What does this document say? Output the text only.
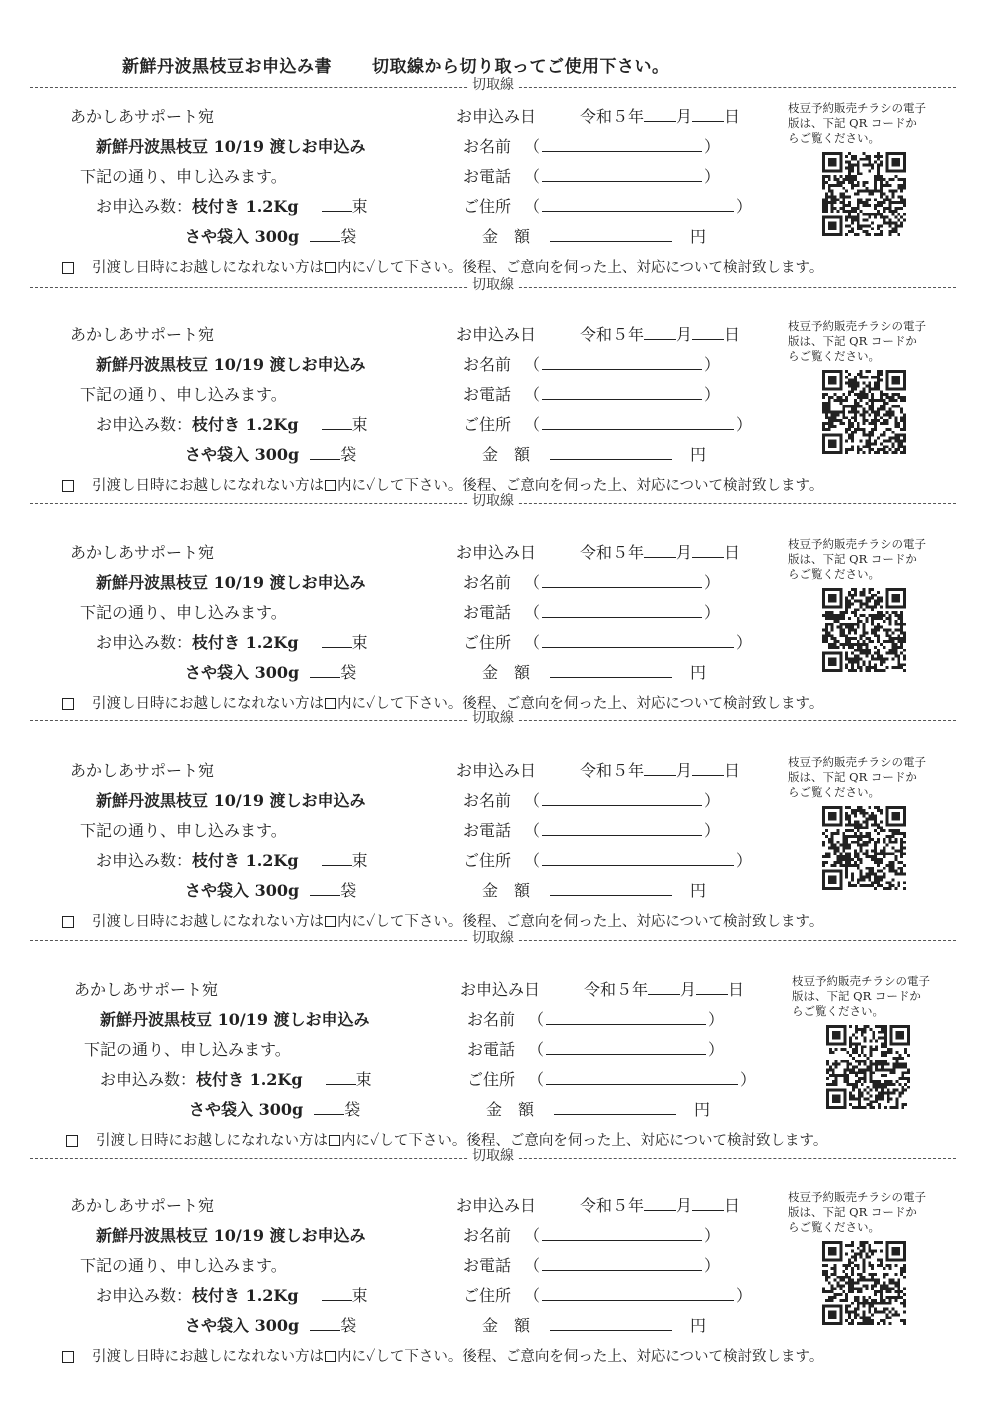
新鮮丹波黒枝豆お申込み書 切取線から切り取ってご使用下さい。
切取線
切取線
切取線
切取線
切取線
切取線
あかしあサポート宛
新鮮丹波黒枝豆 10/19 渡しお申込み
下記の通り、申し込みます。
お申込み数：枝付き 1.2Kg	束
さや袋入 300g	袋
お申込み日	令和５年 月 日
お名前 （	）
お電話 （	）
ご住所 （	）
金　額	円
枝豆予約販売チラシの電子版は、下記 QR コードからご覧ください。
引渡し日時にお越しになれない方は 内に✓して下さい。後程、ご意向を伺った上、対応について検討致します。
あかしあサポート宛
新鮮丹波黒枝豆 10/19 渡しお申込み
下記の通り、申し込みます。
お申込み数：枝付き 1.2Kg	束
さや袋入 300g	袋
お申込み日	令和５年 月 日
お名前 （	）
お電話 （	）
ご住所 （	）
金　額	円
枝豆予約販売チラシの電子版は、下記 QR コードからご覧ください。
引渡し日時にお越しになれない方は 内に✓して下さい。後程、ご意向を伺った上、対応について検討致します。
あかしあサポート宛
新鮮丹波黒枝豆 10/19 渡しお申込み
下記の通り、申し込みます。
お申込み数：枝付き 1.2Kg	束
さや袋入 300g	袋
お申込み日	令和５年 月 日
お名前 （	）
お電話 （	）
ご住所 （	）
金　額	円
枝豆予約販売チラシの電子版は、下記 QR コードからご覧ください。
引渡し日時にお越しになれない方は 内に✓して下さい。後程、ご意向を伺った上、対応について検討致します。
あかしあサポート宛
新鮮丹波黒枝豆 10/19 渡しお申込み
下記の通り、申し込みます。
お申込み数：枝付き 1.2Kg	束
さや袋入 300g	袋
お申込み日	令和５年 月 日
お名前 （	）
お電話 （	）
ご住所 （	）
金　額	円
枝豆予約販売チラシの電子版は、下記 QR コードからご覧ください。
引渡し日時にお越しになれない方は 内に✓して下さい。後程、ご意向を伺った上、対応について検討致します。
あかしあサポート宛
新鮮丹波黒枝豆 10/19 渡しお申込み
下記の通り、申し込みます。
お申込み数：枝付き 1.2Kg	束
さや袋入 300g	袋
お申込み日	令和５年 月 日
お名前 （	）
お電話 （	）
ご住所 （	）
金　額	円
枝豆予約販売チラシの電子版は、下記 QR コードからご覧ください。
引渡し日時にお越しになれない方は 内に✓して下さい。後程、ご意向を伺った上、対応について検討致します。
あかしあサポート宛
新鮮丹波黒枝豆 10/19 渡しお申込み
下記の通り、申し込みます。
お申込み数：枝付き 1.2Kg	束
さや袋入 300g	袋
お申込み日	令和５年 月 日
お名前 （	）
お電話 （	）
ご住所 （	）
金　額	円
枝豆予約販売チラシの電子版は、下記 QR コードからご覧ください。
引渡し日時にお越しになれない方は 内に✓して下さい。後程、ご意向を伺った上、対応について検討致します。
